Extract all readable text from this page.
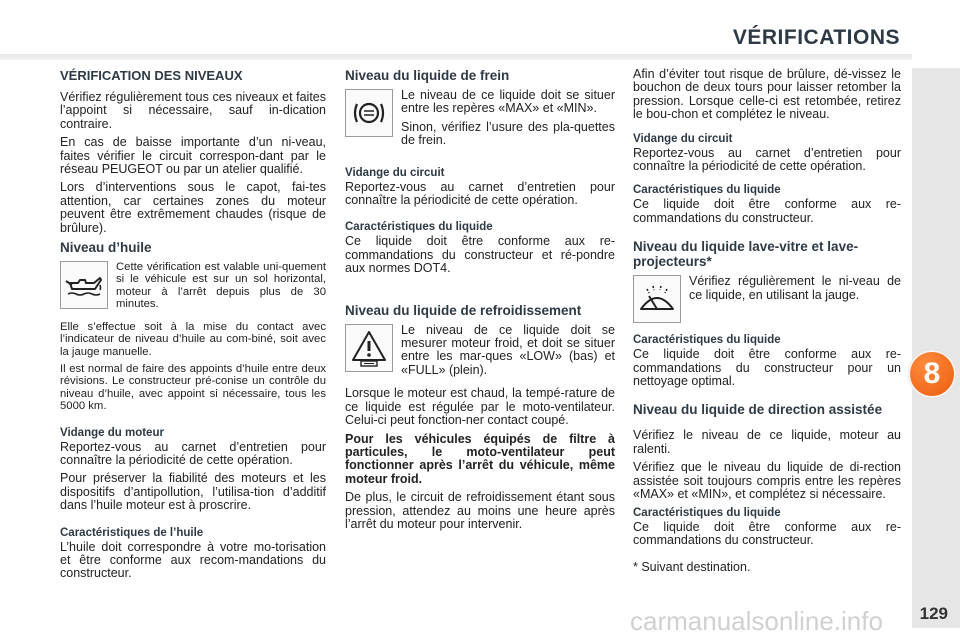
VÉRIFICATIONS
8
carmanualsonline.info 129
VÉRIFICATION DES NIVEAUX

Vérifiez régulièrement tous ces niveaux et faites l’appoint si nécessaire, sauf in-dication contraire.

En cas de baisse importante d’un ni-veau, faites vérifier le circuit correspon-dant par le réseau PEUGEOT ou par un atelier qualifié.

Lors d’interventions sous le capot, fai-tes attention, car certaines zones du moteur peuvent être extrêmement chaudes (risque de brûlure).

Niveau d’huile

Cette vérification est valable uni-quement si le véhicule est sur un sol horizontal, moteur à l’arrêt depuis plus de 30 minutes.

Elle s’effectue soit à la mise du contact avec l’indicateur de niveau d’huile au com-biné, soit avec la jauge manuelle.

Il est normal de faire des appoints d’huile entre deux révisions. Le constructeur pré-conise un contrôle du niveau d’huile, avec appoint si nécessaire, tous les 5000 km.

Vidange du moteur

Reportez-vous au carnet d’entretien pour connaître la périodicité de cette opération.

Pour préserver la fiabilité des moteurs et les dispositifs d’antipollution, l’utilisa-tion d’additif dans l’huile moteur est à proscrire.

Caractéristiques de l’huile

L’huile doit correspondre à votre mo-torisation et être conforme aux recom-mandations du constructeur.

Niveau du liquide de frein

Le niveau de ce liquide doit se situer entre les repères «MAX» et «MIN».

Sinon, vérifiez l’usure des pla-quettes de frein.

Vidange du circuit

Reportez-vous au carnet d’entretien pour connaître la périodicité de cette opération.

Caractéristiques du liquide

Ce liquide doit être conforme aux re-commandations du constructeur et ré-pondre aux normes DOT4.

Niveau du liquide de refroidissement

Le niveau de ce liquide doit se mesurer moteur froid, et doit se situer entre les mar-ques «LOW» (bas) et «FULL» (plein).

Lorsque le moteur est chaud, la tempé-rature de ce liquide est régulée par le moto-ventilateur. Celui-ci peut fonction-ner contact coupé.

Pour les véhicules équipés de filtre à particules, le moto-ventilateur peut fonctionner après l’arrêt du véhicule, même moteur froid.

De plus, le circuit de refroidissement étant sous pression, attendez au moins une heure après l’arrêt du moteur pour intervenir.

Afin d’éviter tout risque de brûlure, dé-vissez le bouchon de deux tours pour laisser retomber la pression. Lorsque celle-ci est retombée, retirez le bou-chon et complétez le niveau.

Vidange du circuit

Reportez-vous au carnet d’entretien pour connaître la périodicité de cette opération.

Caractéristiques du liquide

Ce liquide doit être conforme aux re-commandations du constructeur.

Niveau du liquide lave-vitre et lave-projecteurs*

Vérifiez régulièrement le ni-veau de ce liquide, en utilisant la jauge.

Caractéristiques du liquide

Ce liquide doit être conforme aux re-commandations du constructeur pour un nettoyage optimal.

Niveau du liquide de direction assistée

Vérifiez le niveau de ce liquide, moteur au ralenti.

Vérifiez que le niveau du liquide de di-rection assistée soit toujours compris entre les repères «MAX» et «MIN», et complétez si nécessaire.

Caractéristiques du liquide

Ce liquide doit être conforme aux re-commandations du constructeur.

* Suivant destination.
